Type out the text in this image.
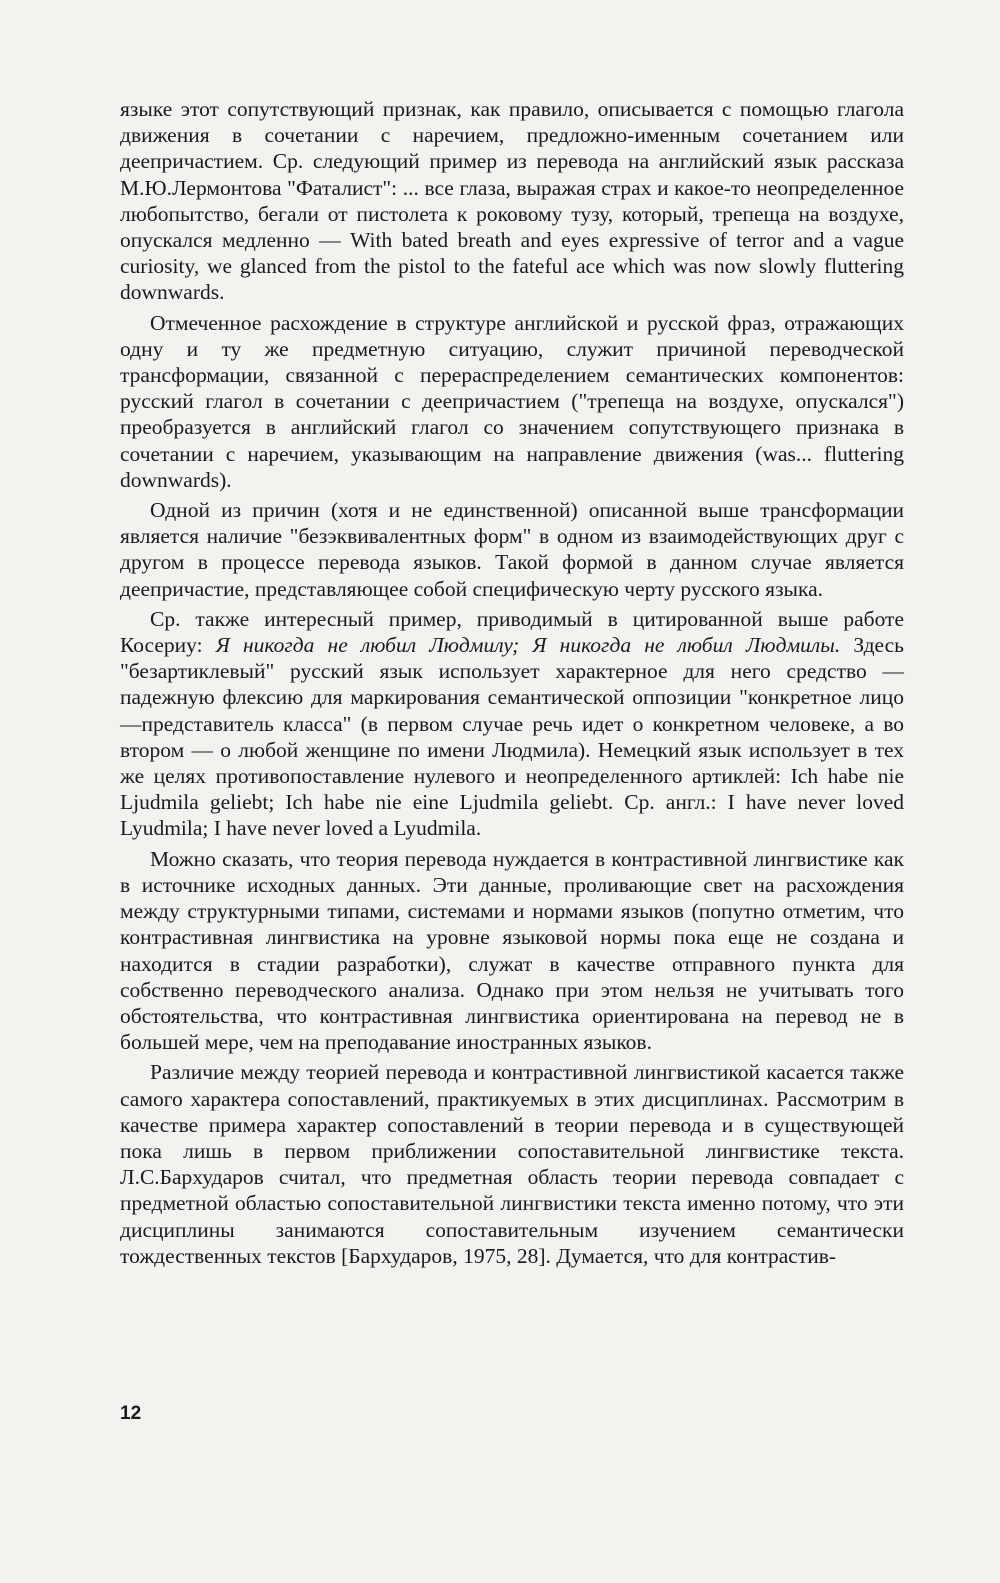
языке этот сопутствующий признак, как правило, описывается с помощью глагола движения в сочетании с наречием, предложно-именным сочетанием или деепричастием. Ср. следующий пример из перевода на английский язык рассказа М.Ю.Лермонтова "Фаталист": ... все глаза, выражая страх и какое-то неопределенное любопытство, бегали от пистолета к роковому тузу, который, трепеща на воздухе, опускался медленно — With bated breath and eyes expressive of terror and a vague curiosity, we glanced from the pistol to the fateful ace which was now slowly fluttering downwards.

Отмеченное расхождение в структуре английской и русской фраз, отражающих одну и ту же предметную ситуацию, служит причиной переводческой трансформации, связанной с перераспределением семантических компонентов: русский глагол в сочетании с деепричастием ("трепеща на воздухе, опускался") преобразуется в английский глагол со значением сопутствующего признака в сочетании с наречием, указывающим на направление движения (was... fluttering downwards).

Одной из причин (хотя и не единственной) описанной выше трансформации является наличие "безэквивалентных форм" в одном из взаимодействующих друг с другом в процессе перевода языков. Такой формой в данном случае является деепричастие, представляющее собой специфическую черту русского языка.

Ср. также интересный пример, приводимый в цитированной выше работе Косериу: Я никогда не любил Людмилу; Я никогда не любил Людмилы. Здесь "безартиклевый" русский язык использует характерное для него средство — падежную флексию для маркирования семантической оппозиции "конкретное лицо—представитель класса" (в первом случае речь идет о конкретном человеке, а во втором — о любой женщине по имени Людмила). Немецкий язык использует в тех же целях противопоставление нулевого и неопределенного артиклей: Ich habe nie Ljudmila geliebt; Ich habe nie eine Ljudmila geliebt. Ср. англ.: I have never loved Lyudmila; I have never loved a Lyudmila.

Можно сказать, что теория перевода нуждается в контрастивной лингвистике как в источнике исходных данных. Эти данные, проливающие свет на расхождения между структурными типами, системами и нормами языков (попутно отметим, что контрастивная лингвистика на уровне языковой нормы пока еще не создана и находится в стадии разработки), служат в качестве отправного пункта для собственно переводческого анализа. Однако при этом нельзя не учитывать того обстоятельства, что контрастивная лингвистика ориентирована на перевод не в большей мере, чем на преподавание иностранных языков.

Различие между теорией перевода и контрастивной лингвистикой касается также самого характера сопоставлений, практикуемых в этих дисциплинах. Рассмотрим в качестве примера характер сопоставлений в теории перевода и в существующей пока лишь в первом приближении сопоставительной лингвистике текста. Л.С.Бархударов считал, что предметная область теории перевода совпадает с предметной областью сопоставительной лингвистики текста именно потому, что эти дисциплины занимаются сопоставительным изучением семантически тождественных текстов [Бархударов, 1975, 28]. Думается, что для контрастив-

12
